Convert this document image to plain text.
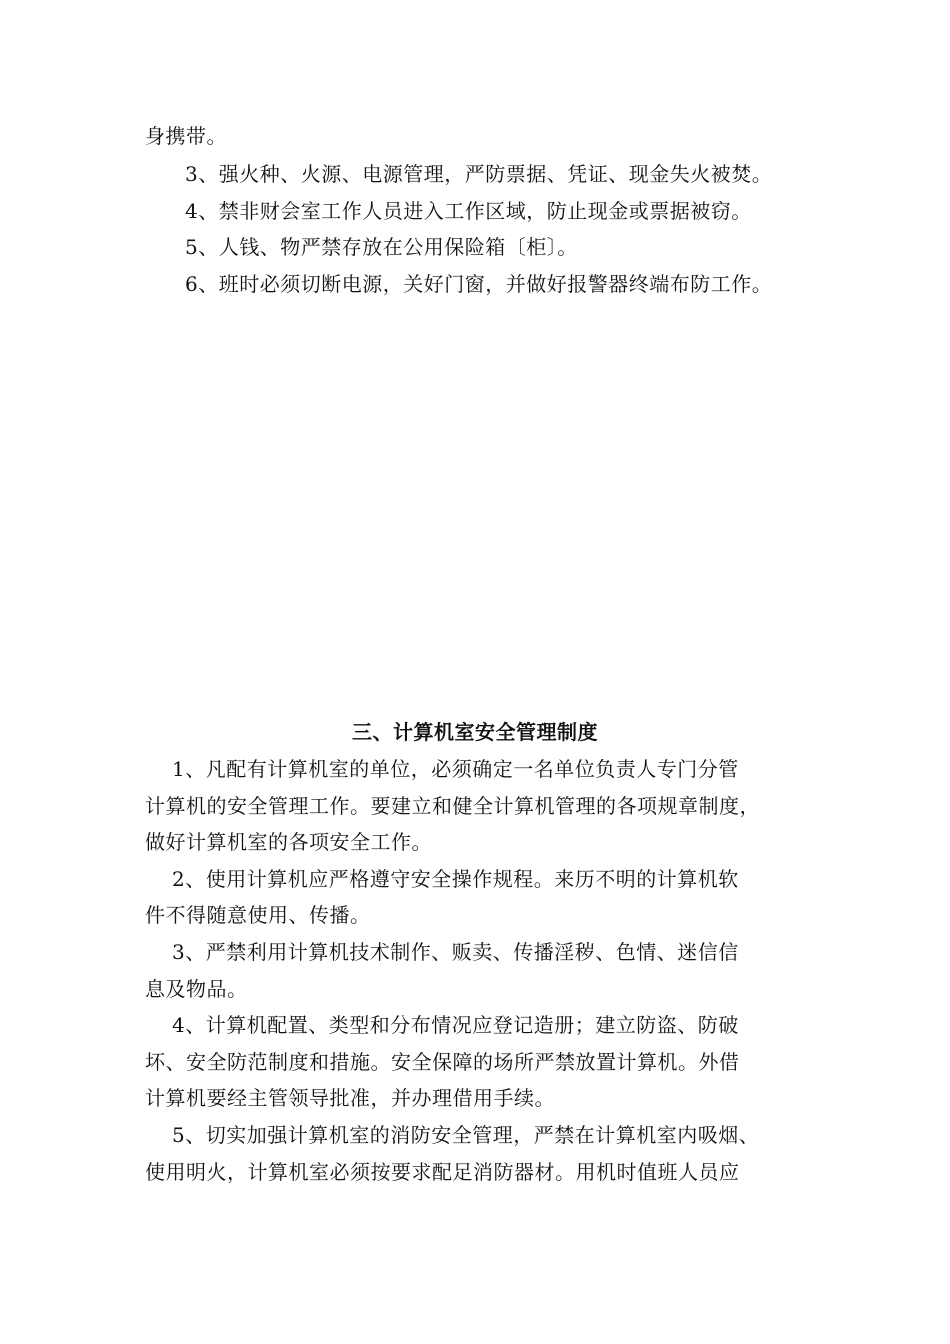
身携带。
3、强火种、火源、电源管理，严防票据、凭证、现金失火被焚。
4、禁非财会室工作人员进入工作区域，防止现金或票据被窃。
5、人钱、物严禁存放在公用保险箱〔柜〕。
6、班时必须切断电源，关好门窗，并做好报警器终端布防工作。
三、计算机室安全管理制度
1、凡配有计算机室的单位，必须确定一名单位负责人专门分管
计算机的安全管理工作。要建立和健全计算机管理的各项规章制度，
做好计算机室的各项安全工作。
2、使用计算机应严格遵守安全操作规程。来历不明的计算机软
件不得随意使用、传播。
3、严禁利用计算机技术制作、贩卖、传播淫秽、色情、迷信信
息及物品。
4、计算机配置、类型和分布情况应登记造册；建立防盗、防破
坏、安全防范制度和措施。安全保障的场所严禁放置计算机。外借
计算机要经主管领导批准，并办理借用手续。
5、切实加强计算机室的消防安全管理，严禁在计算机室内吸烟、
使用明火，计算机室必须按要求配足消防器材。用机时值班人员应
